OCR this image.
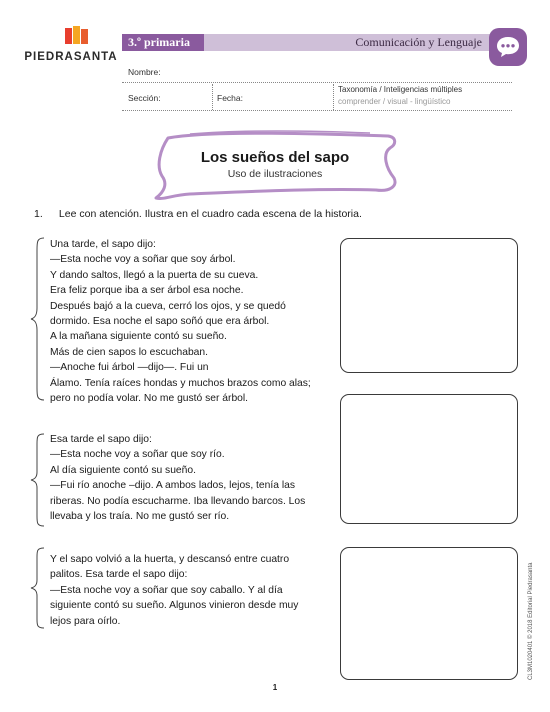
PIEDRASANTA
3.º primaria	Comunicación y Lenguaje
Nombre:
Sección:	Fecha:
Taxonomía / Inteligencias múltiples
comprender / visual - lingüístico
Los sueños del sapo
Uso de ilustraciones
1. Lee con atención. Ilustra en el cuadro cada escena de la historia.

Una tarde, el sapo dijo:

—Esta noche voy a soñar que soy árbol.

Y dando saltos, llegó a la puerta de su cueva.

Era feliz porque iba a ser árbol esa noche.

Después bajó a la cueva, cerró los ojos, y se quedó

dormido. Esa noche el sapo soñó que era árbol.

A la mañana siguiente contó su sueño.

Más de cien sapos lo escuchaban.

—Anoche fui árbol —dijo—. Fui un

Álamo. Tenía raíces hondas y muchos brazos como alas;

pero no podía volar. No me gustó ser árbol.

Esa tarde el sapo dijo:

—Esta noche voy a soñar que soy río.

Al día siguiente contó su sueño.

—Fui río anoche –dijo. A ambos lados, lejos, tenía las

riberas. No podía escucharme. Iba llevando barcos. Los

llevaba y los traía. No me gustó ser río.

Y el sapo volvió a la huerta, y descansó entre cuatro

palitos. Esa tarde el sapo dijo:

—Esta noche voy a soñar que soy caballo. Y al día

siguiente contó su sueño. Algunos vinieron desde muy

lejos para oírlo.

1
CL3M1020401 © 2018 Editorial Piedrasanta
